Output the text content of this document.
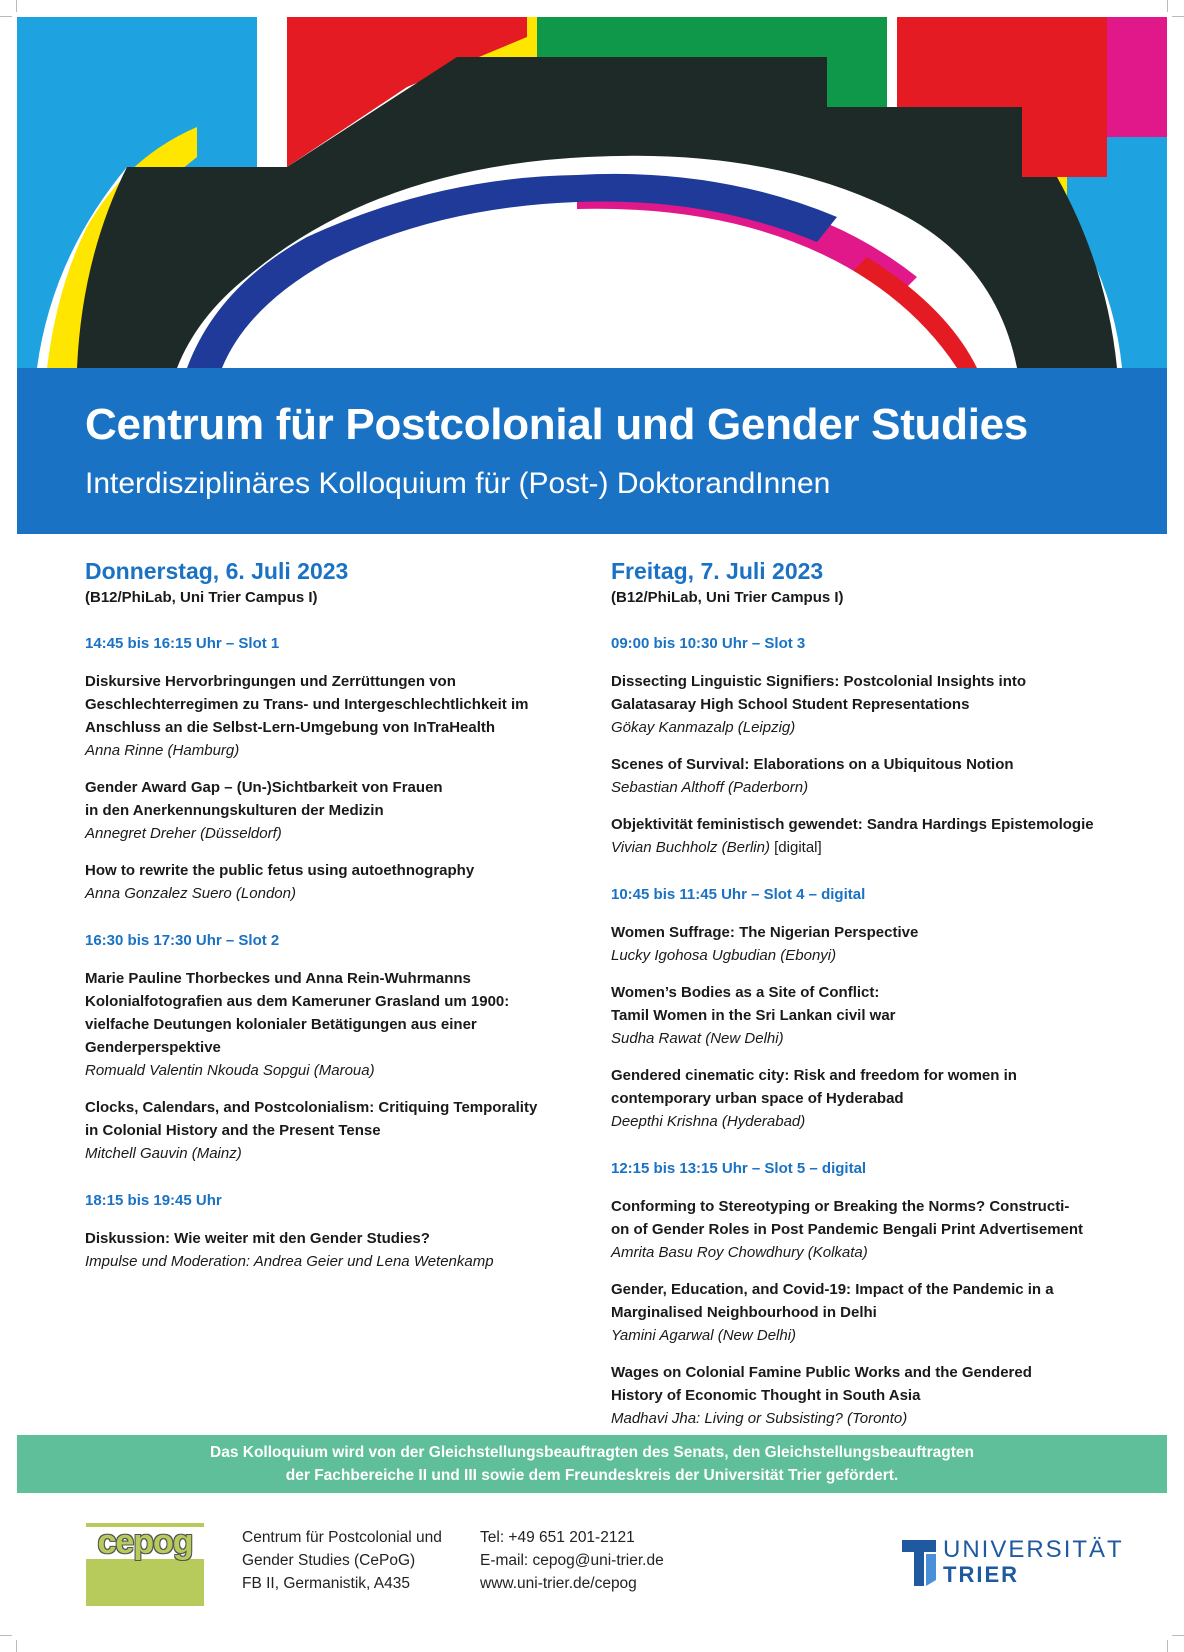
Centrum für Postcolonial und Gender Studies
Interdisziplinäres Kolloquium für (Post-) DoktorandInnen
Donnerstag, 6. Juli 2023
(B12/PhiLab, Uni Trier Campus I)
14:45 bis 16:15 Uhr – Slot 1
Diskursive Hervorbringungen und Zerrüttungen von
Geschlechterregimen zu Trans- und Intergeschlechtlichkeit im
Anschluss an die Selbst-Lern-Umgebung von InTraHealth
Anna Rinne (Hamburg)
Gender Award Gap – (Un-)Sichtbarkeit von Frauen
in den Anerkennungskulturen der Medizin
Annegret Dreher (Düsseldorf)
How to rewrite the public fetus using autoethnography
Anna Gonzalez Suero (London)
16:30 bis 17:30 Uhr – Slot 2
Marie Pauline Thorbeckes und Anna Rein-Wuhrmanns
Kolonialfotografien aus dem Kameruner Grasland um 1900:
vielfache Deutungen kolonialer Betätigungen aus einer
Genderperspektive
Romuald Valentin Nkouda Sopgui (Maroua)
Clocks, Calendars, and Postcolonialism: Critiquing Temporality
in Colonial History and the Present Tense
Mitchell Gauvin (Mainz)
18:15 bis 19:45 Uhr
Diskussion: Wie weiter mit den Gender Studies?
Impulse und Moderation: Andrea Geier und Lena Wetenkamp
Freitag, 7. Juli 2023
(B12/PhiLab, Uni Trier Campus I)
09:00 bis 10:30 Uhr – Slot 3
Dissecting Linguistic Signifiers: Postcolonial Insights into
Galatasaray High School Student Representations
Gökay Kanmazalp (Leipzig)
Scenes of Survival: Elaborations on a Ubiquitous Notion
Sebastian Althoff (Paderborn)
Objektivität feministisch gewendet: Sandra Hardings Epistemologie
Vivian Buchholz (Berlin) [digital]
10:45 bis 11:45 Uhr – Slot 4 – digital
Women Suffrage: The Nigerian Perspective
Lucky Igohosa Ugbudian (Ebonyi)
Women’s Bodies as a Site of Conflict:
Tamil Women in the Sri Lankan civil war
Sudha Rawat (New Delhi)
Gendered cinematic city: Risk and freedom for women in
contemporary urban space of Hyderabad
Deepthi Krishna (Hyderabad)
12:15 bis 13:15 Uhr – Slot 5 – digital
Conforming to Stereotyping or Breaking the Norms? Constructi-
on of Gender Roles in Post Pandemic Bengali Print Advertisement
Amrita Basu Roy Chowdhury (Kolkata)
Gender, Education, and Covid-19: Impact of the Pandemic in a
Marginalised Neighbourhood in Delhi
Yamini Agarwal (New Delhi)
Wages on Colonial Famine Public Works and the Gendered
History of Economic Thought in South Asia
Madhavi Jha: Living or Subsisting? (Toronto)
Das Kolloquium wird von der Gleichstellungsbeauftragten des Senats, den Gleichstellungsbeauftragten
der Fachbereiche II und III sowie dem Freundeskreis der Universität Trier gefördert.
cepog	Centrum für Postcolonial und
Gender Studies (CePoG)
FB II, Germanistik, A435
Tel: +49 651 201-2121
E-mail: cepog@uni-trier.de
www.uni-trier.de/cepog
UNIVERSITÄT
TRIER
